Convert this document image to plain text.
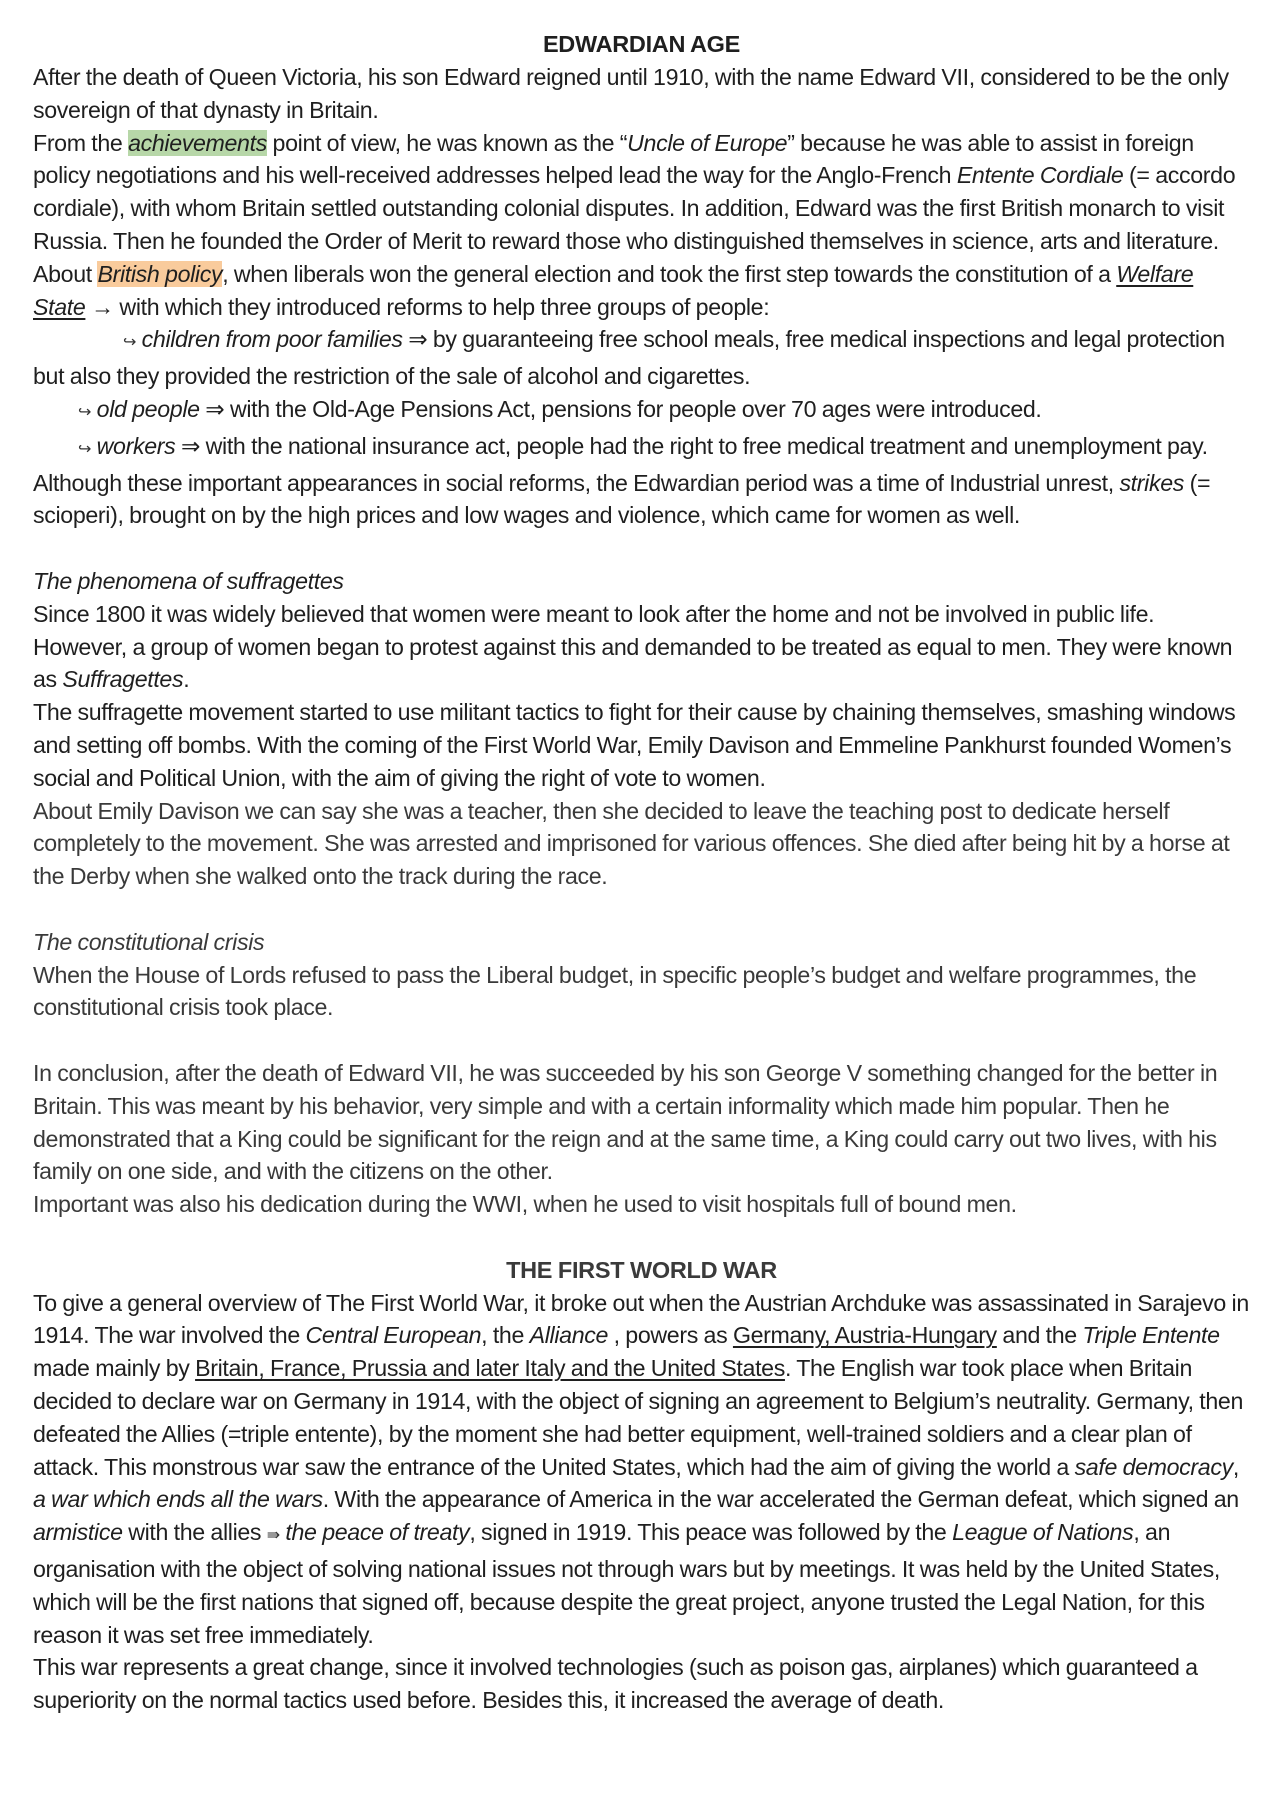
EDWARDIAN AGE

After the death of Queen Victoria, his son Edward reigned until 1910, with the name Edward VII, considered to be the only sovereign of that dynasty in Britain.

From the achievements point of view, he was known as the “Uncle of Europe” because he was able to assist in foreign policy negotiations and his well-received addresses helped lead the way for the Anglo-French Entente Cordiale (= accordo cordiale), with whom Britain settled outstanding colonial disputes. In addition, Edward was the first British monarch to visit Russia. Then he founded the Order of Merit to reward those who distinguished themselves in science, arts and literature.

About British policy, when liberals won the general election and took the first step towards the constitution of a Welfare State → with which they introduced reforms to help three groups of people:

↪ children from poor families ⇒ by guaranteeing free school meals, free medical inspections and legal protection but also they provided the restriction of the sale of alcohol and cigarettes.

↪ old people ⇒ with the Old-Age Pensions Act, pensions for people over 70 ages were introduced.

↪ workers ⇒ with the national insurance act, people had the right to free medical treatment and unemployment pay.

Although these important appearances in social reforms, the Edwardian period was a time of Industrial unrest, strikes (= scioperi), brought on by the high prices and low wages and violence, which came for women as well.

The phenomena of suffragettes

Since 1800 it was widely believed that women were meant to look after the home and not be involved in public life. However, a group of women began to protest against this and demanded to be treated as equal to men. They were known as Suffragettes.

The suffragette movement started to use militant tactics to fight for their cause by chaining themselves, smashing windows and setting off bombs. With the coming of the First World War, Emily Davison and Emmeline Pankhurst founded Women’s social and Political Union, with the aim of giving the right of vote to women.

About Emily Davison we can say she was a teacher, then she decided to leave the teaching post to dedicate herself completely to the movement. She was arrested and imprisoned for various offences. She died after being hit by a horse at the Derby when she walked onto the track during the race.

The constitutional crisis

When the House of Lords refused to pass the Liberal budget, in specific people’s budget and welfare programmes, the constitutional crisis took place.

In conclusion, after the death of Edward VII, he was succeeded by his son George V something changed for the better in Britain. This was meant by his behavior, very simple and with a certain informality which made him popular. Then he demonstrated that a King could be significant for the reign and at the same time, a King could carry out two lives, with his family on one side, and with the citizens on the other.

Important was also his dedication during the WWI, when he used to visit hospitals full of bound men.

THE FIRST WORLD WAR

To give a general overview of The First World War, it broke out when the Austrian Archduke was assassinated in Sarajevo in 1914. The war involved the Central European, the Alliance , powers as Germany, Austria-Hungary and the Triple Entente made mainly by Britain, France, Prussia and later Italy and the United States. The English war took place when Britain decided to declare war on Germany in 1914, with the object of signing an agreement to Belgium’s neutrality. Germany, then defeated the Allies (=triple entente), by the moment she had better equipment, well-trained soldiers and a clear plan of attack. This monstrous war saw the entrance of the United States, which had the aim of giving the world a safe democracy, a war which ends all the wars. With the appearance of America in the war accelerated the German defeat, which signed an armistice with the allies ⇛ the peace of treaty, signed in 1919. This peace was followed by the League of Nations, an organisation with the object of solving national issues not through wars but by meetings. It was held by the United States, which will be the first nations that signed off, because despite the great project, anyone trusted the Legal Nation, for this reason it was set free immediately.

This war represents a great change, since it involved technologies (such as poison gas, airplanes) which guaranteed a superiority on the normal tactics used before. Besides this, it increased the average of death.
